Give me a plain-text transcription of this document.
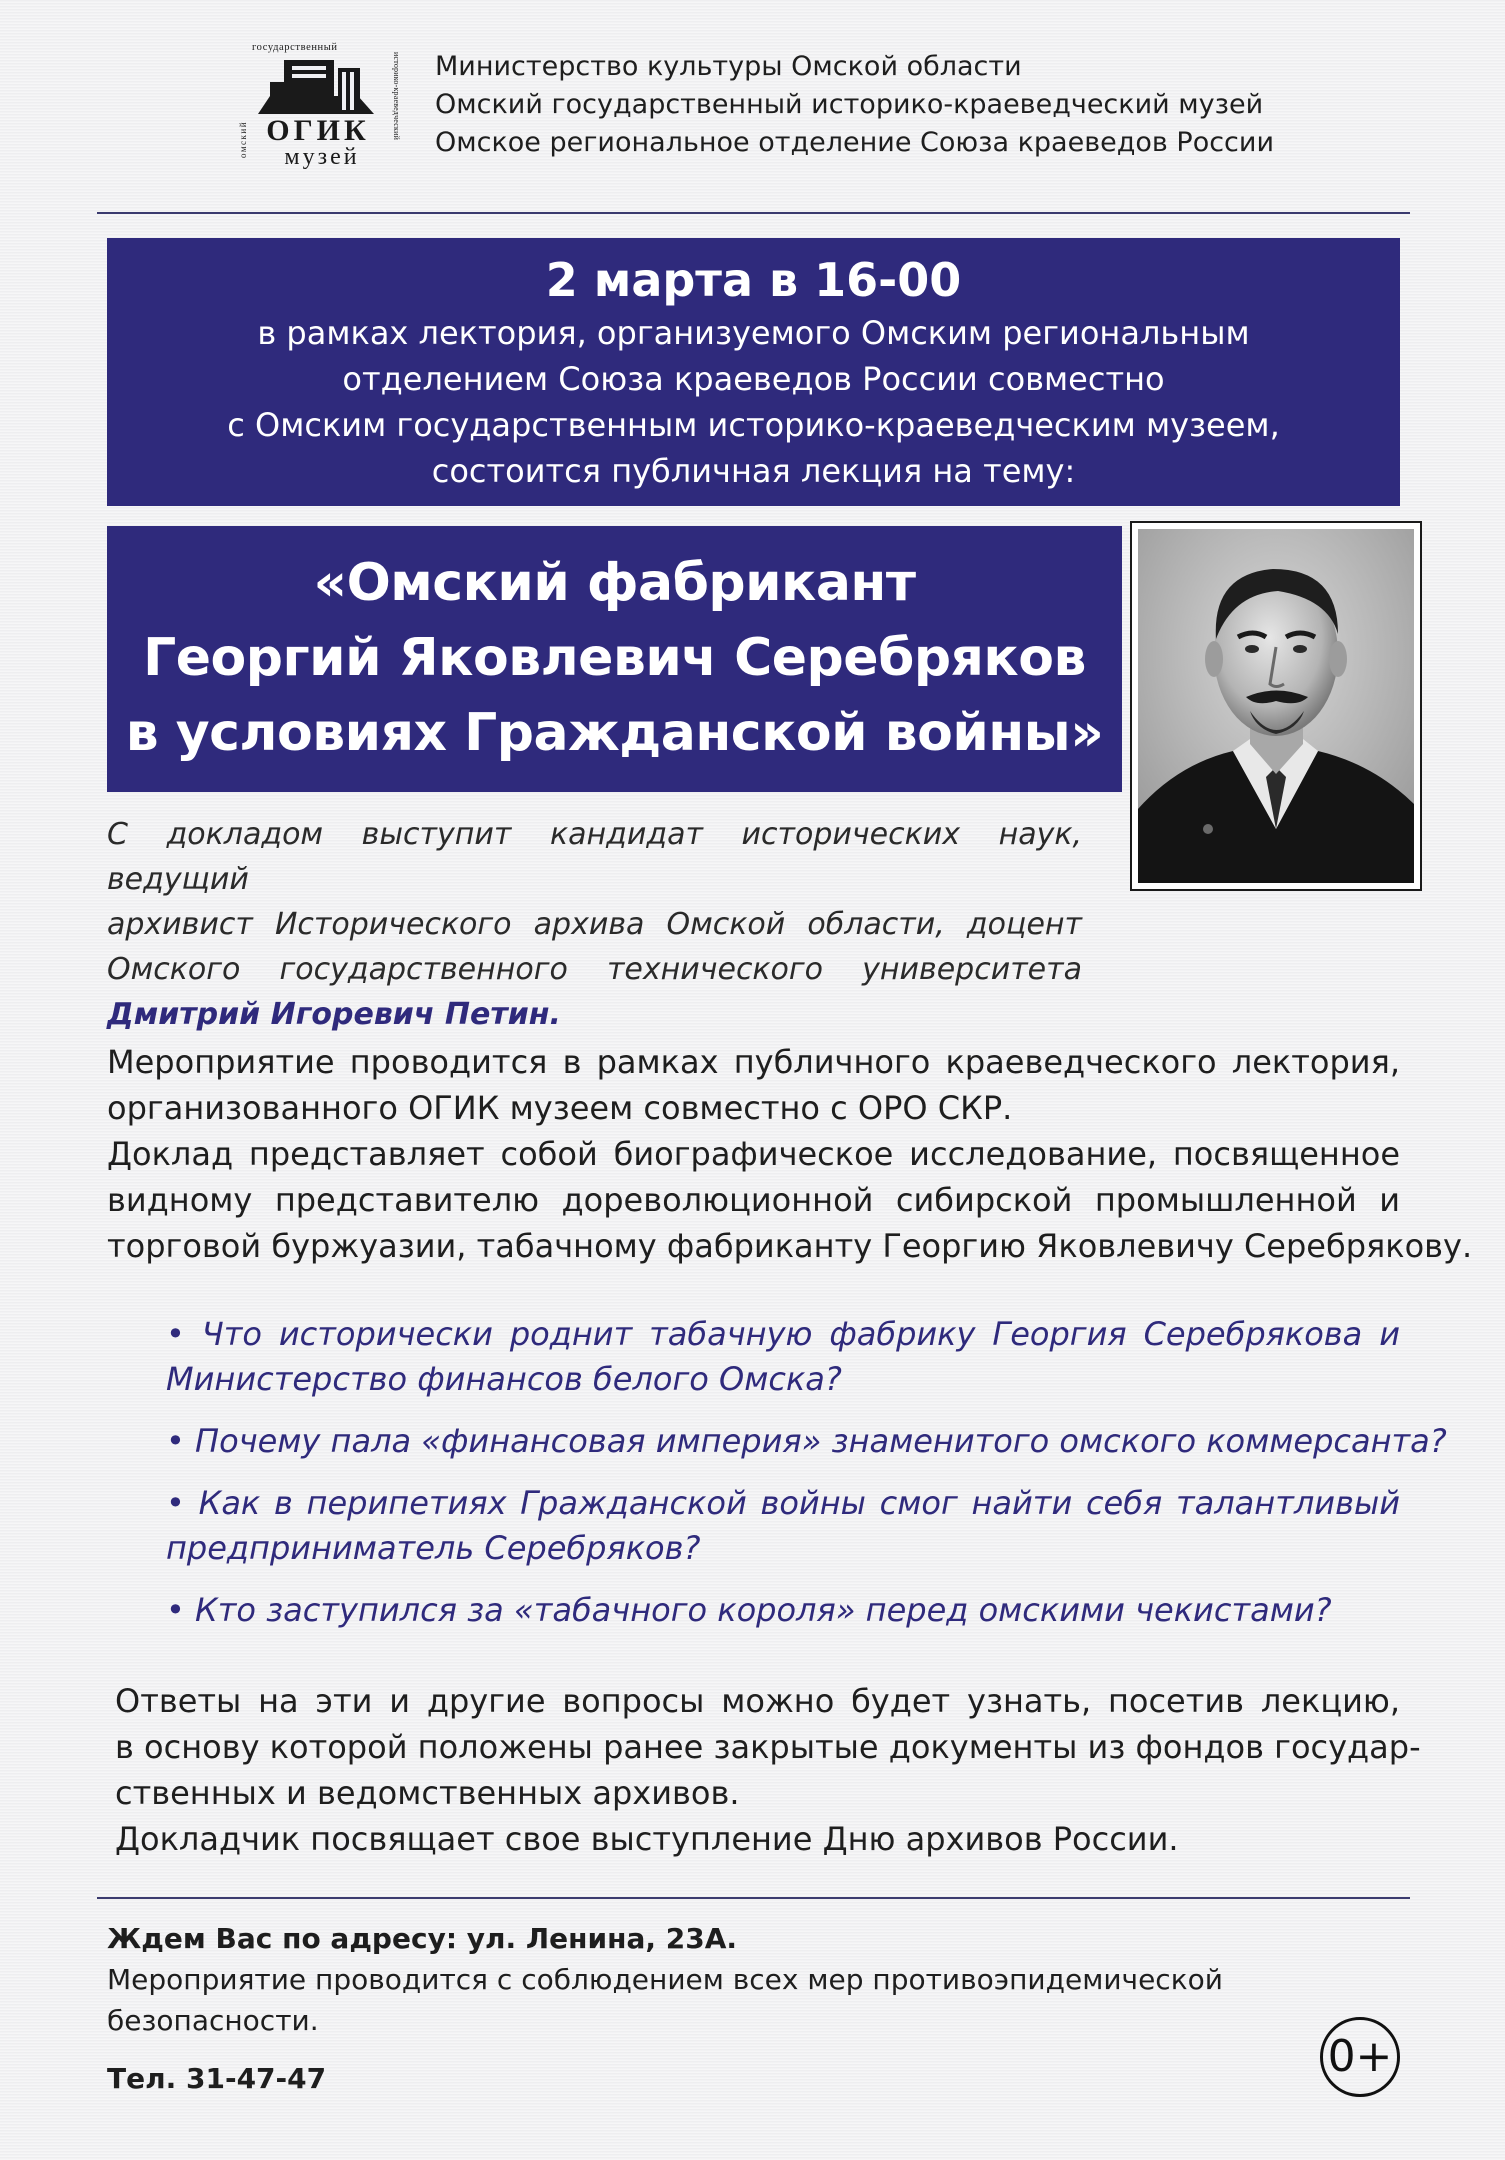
государственный
омский	историко-краеведческий
ОГИК
музей
Министерство культуры Омской области
Омский государственный историко-краеведческий музей
Омское региональное отделение Союза краеведов России
2 марта в 16-00
в рамках лектория, организуемого Омским региональным
отделением Союза краеведов России совместно
с Омским государственным историко-краеведческим музеем,
состоится публичная лекция на тему:
«Омский фабрикант
Георгий Яковлевич Серебряков
в условиях Гражданской войны»
С докладом выступит кандидат исторических наук, ведущий
архивист Исторического архива Омской области, доцент
Омского государственного технического университета
Дмитрий Игоревич Петин.
Мероприятие проводится в рамках публичного краеведческого лектория,
организованного ОГИК музеем совместно с ОРО СКР.
Доклад представляет собой биографическое исследование, посвященное
видному представителю дореволюционной сибирской промышленной и
торговой буржуазии, табачному фабриканту Георгию Яковлевичу Серебрякову.
• Что исторически роднит табачную фабрику Георгия Серебрякова и
Министерство финансов белого Омска?
• Почему пала «финансовая империя» знаменитого омского коммерсанта?
• Как в перипетиях Гражданской войны смог найти себя талантливый
предприниматель Серебряков?
• Кто заступился за «табачного короля» перед омскими чекистами?
Ответы на эти и другие вопросы можно будет узнать, посетив лекцию,
в основу которой положены ранее закрытые документы из фондов государ-
ственных и ведомственных архивов.
Докладчик посвящает свое выступление Дню архивов России.
Ждем Вас по адресу: ул. Ленина, 23А.
Мероприятие проводится с соблюдением всех мер противоэпидемической
безопасности.
Тел. 31-47-47	0+
